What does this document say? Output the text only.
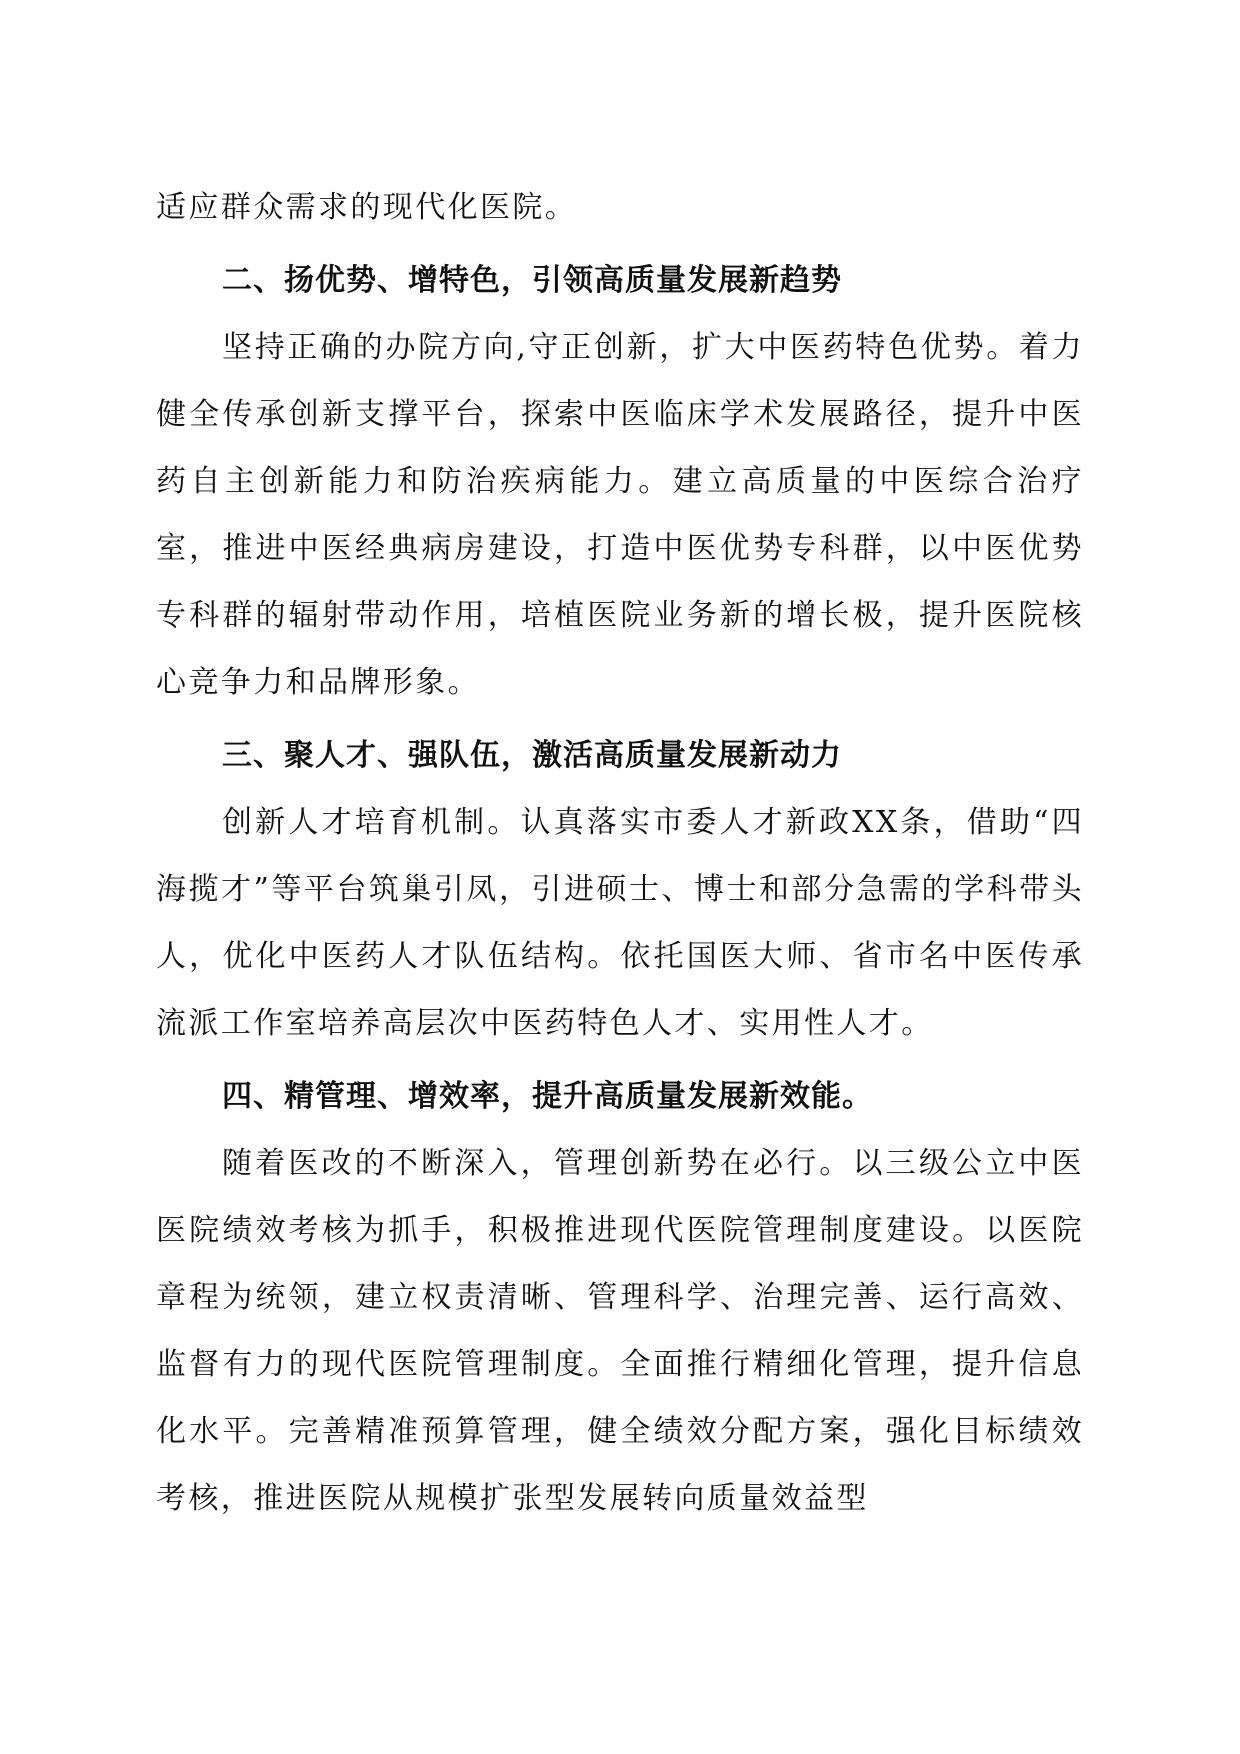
适应群众需求的现代化医院。

二、扬优势、增特色，引领高质量发展新趋势

坚持正确的办院方向,守正创新，扩大中医药特色优势。着力健全传承创新支撑平台，探索中医临床学术发展路径，提升中医药自主创新能力和防治疾病能力。建立高质量的中医综合治疗室，推进中医经典病房建设，打造中医优势专科群，以中医优势专科群的辐射带动作用，培植医院业务新的增长极，提升医院核心竞争力和品牌形象。

三、聚人才、强队伍，激活高质量发展新动力

创新人才培育机制。认真落实市委人才新政XX条，借助“四海揽才”等平台筑巢引凤，引进硕士、博士和部分急需的学科带头人，优化中医药人才队伍结构。依托国医大师、省市名中医传承流派工作室培养高层次中医药特色人才、实用性人才。

四、精管理、增效率，提升高质量发展新效能。

随着医改的不断深入，管理创新势在必行。以三级公立中医医院绩效考核为抓手，积极推进现代医院管理制度建设。以医院章程为统领，建立权责清晰、管理科学、治理完善、运行高效、监督有力的现代医院管理制度。全面推行精细化管理，提升信息化水平。完善精准预算管理，健全绩效分配方案，强化目标绩效考核，推进医院从规模扩张型发展转向质量效益型
